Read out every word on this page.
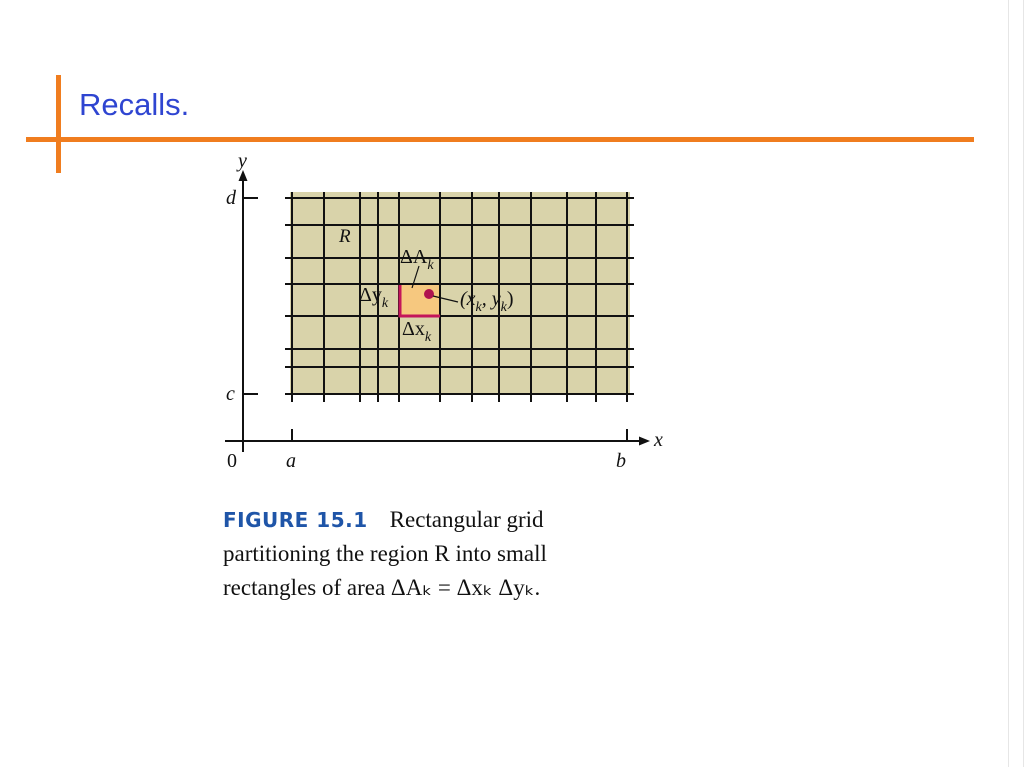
Recalls.
y
x
0
d
c
a	b
R
$\Delta A_k$
$\Delta y_k$
$\Delta x_k$
($x_k$, $y_k$)
FIGURE 15.1 Rectangular grid
partitioning the region R into small
rectangles of area ΔAₖ = Δxₖ Δyₖ.
